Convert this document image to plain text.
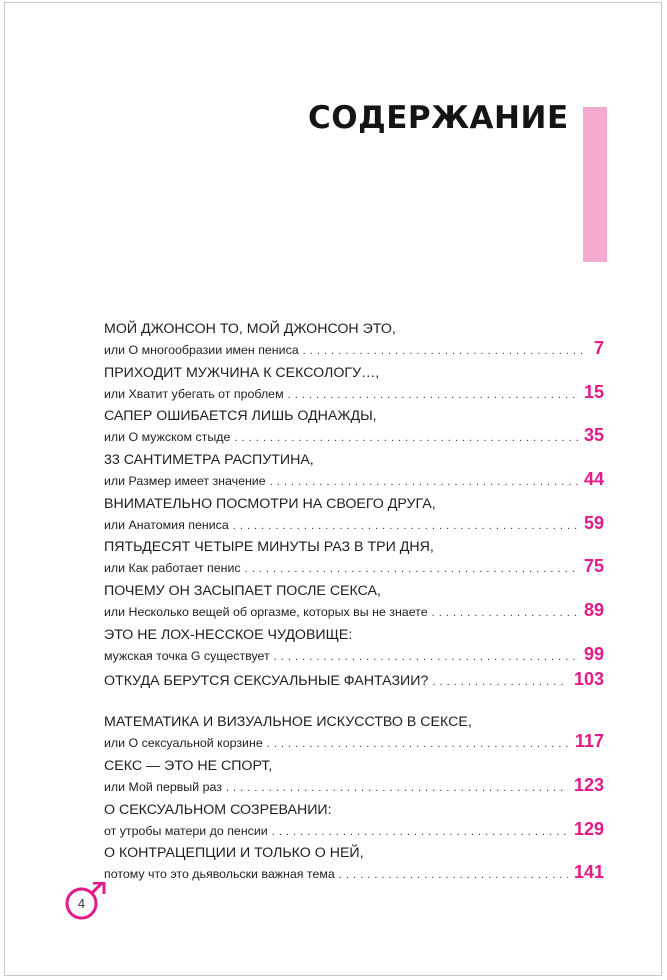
СОДЕРЖАНИЕ
МОЙ ДЖОНСОН ТО, МОЙ ДЖОНСОН ЭТО,
или О многообразии имен пениса . . .	7
ПРИХОДИТ МУЖЧИНА К СЕКСОЛОГУ…,
или Хватит убегать от проблем . . .	15
САПЕР ОШИБАЕТСЯ ЛИШЬ ОДНАЖДЫ,
или О мужском стыде . . .	35
33 САНТИМЕТРА РАСПУТИНА,
или Размер имеет значение . . .	44
ВНИМАТЕЛЬНО ПОСМОТРИ НА СВОЕГО ДРУГА,
или Анатомия пениса . . .	59
ПЯТЬДЕСЯТ ЧЕТЫРЕ МИНУТЫ РАЗ В ТРИ ДНЯ,
или Как работает пенис . . .	75
ПОЧЕМУ ОН ЗАСЫПАЕТ ПОСЛЕ СЕКСА,
или Несколько вещей об оргазме, которых вы не знаете . . .	89
ЭТО НЕ ЛОХ-НЕССКОЕ ЧУДОВИЩЕ:
мужская точка G существует . . .	99
ОТКУДА БЕРУТСЯ СЕКСУАЛЬНЫЕ ФАНТАЗИИ? . . .	103
МАТЕМАТИКА И ВИЗУАЛЬНОЕ ИСКУССТВО В СЕКСЕ,
или О сексуальной корзине . . .	117
СЕКС — ЭТО НЕ СПОРТ,
или Мой первый раз . . .	123
О СЕКСУАЛЬНОМ СОЗРЕВАНИИ:
от утробы матери до пенсии . . .	129
О КОНТРАЦЕПЦИИ И ТОЛЬКО О НЕЙ,
потому что это дьявольски важная тема . . .	141
4
